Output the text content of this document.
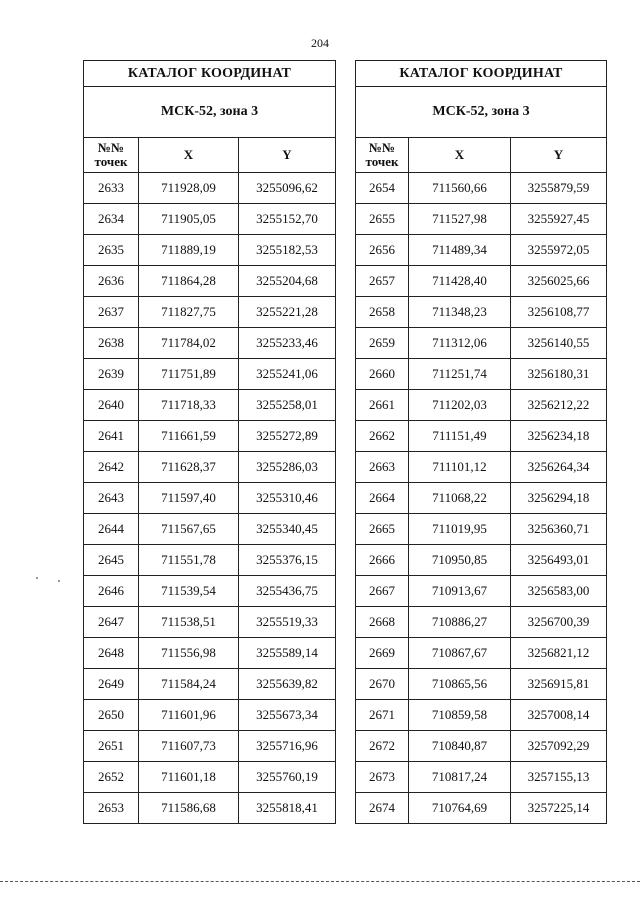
204
КАТАЛОГ КООРДИНАТ		
МСК-52, зона 3		
№№ точек	X	Y
2633	711928,09	3255096,62
2634	711905,05	3255152,70
2635	711889,19	3255182,53
2636	711864,28	3255204,68
2637	711827,75	3255221,28
2638	711784,02	3255233,46
2639	711751,89	3255241,06
2640	711718,33	3255258,01
2641	711661,59	3255272,89
2642	711628,37	3255286,03
2643	711597,40	3255310,46
2644	711567,65	3255340,45
2645	711551,78	3255376,15
2646	711539,54	3255436,75
2647	711538,51	3255519,33
2648	711556,98	3255589,14
2649	711584,24	3255639,82
2650	711601,96	3255673,34
2651	711607,73	3255716,96
2652	711601,18	3255760,19
2653	711586,68	3255818,41
КАТАЛОГ КООРДИНАТ		
МСК-52, зона 3		
№№ точек	X	Y
2654	711560,66	3255879,59
2655	711527,98	3255927,45
2656	711489,34	3255972,05
2657	711428,40	3256025,66
2658	711348,23	3256108,77
2659	711312,06	3256140,55
2660	711251,74	3256180,31
2661	711202,03	3256212,22
2662	711151,49	3256234,18
2663	711101,12	3256264,34
2664	711068,22	3256294,18
2665	711019,95	3256360,71
2666	710950,85	3256493,01
2667	710913,67	3256583,00
2668	710886,27	3256700,39
2669	710867,67	3256821,12
2670	710865,56	3256915,81
2671	710859,58	3257008,14
2672	710840,87	3257092,29
2673	710817,24	3257155,13
2674	710764,69	3257225,14
